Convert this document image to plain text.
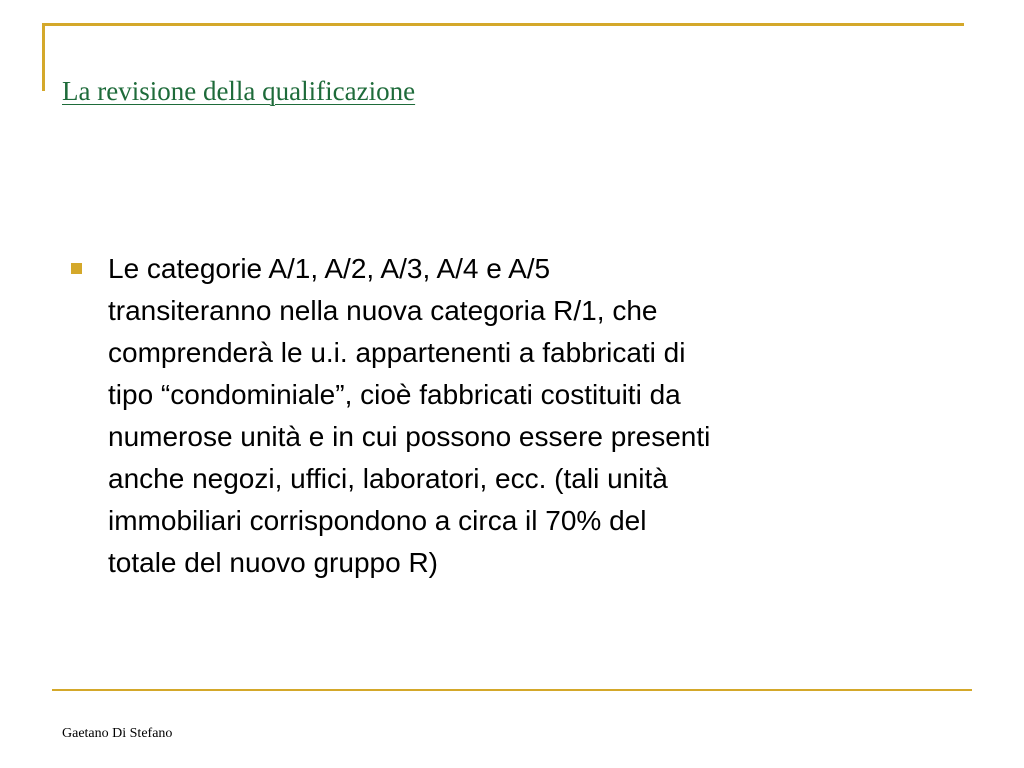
La revisione della qualificazione
Le categorie A/1, A/2, A/3, A/4 e A/5
transiteranno nella nuova categoria R/1, che
comprenderà le u.i. appartenenti a fabbricati di
tipo “condominiale”, cioè fabbricati costituiti da
numerose unità e in cui possono essere presenti
anche negozi, uffici, laboratori, ecc. (tali unità
immobiliari corrispondono a circa il 70% del
totale del nuovo gruppo R)
Gaetano Di Stefano
